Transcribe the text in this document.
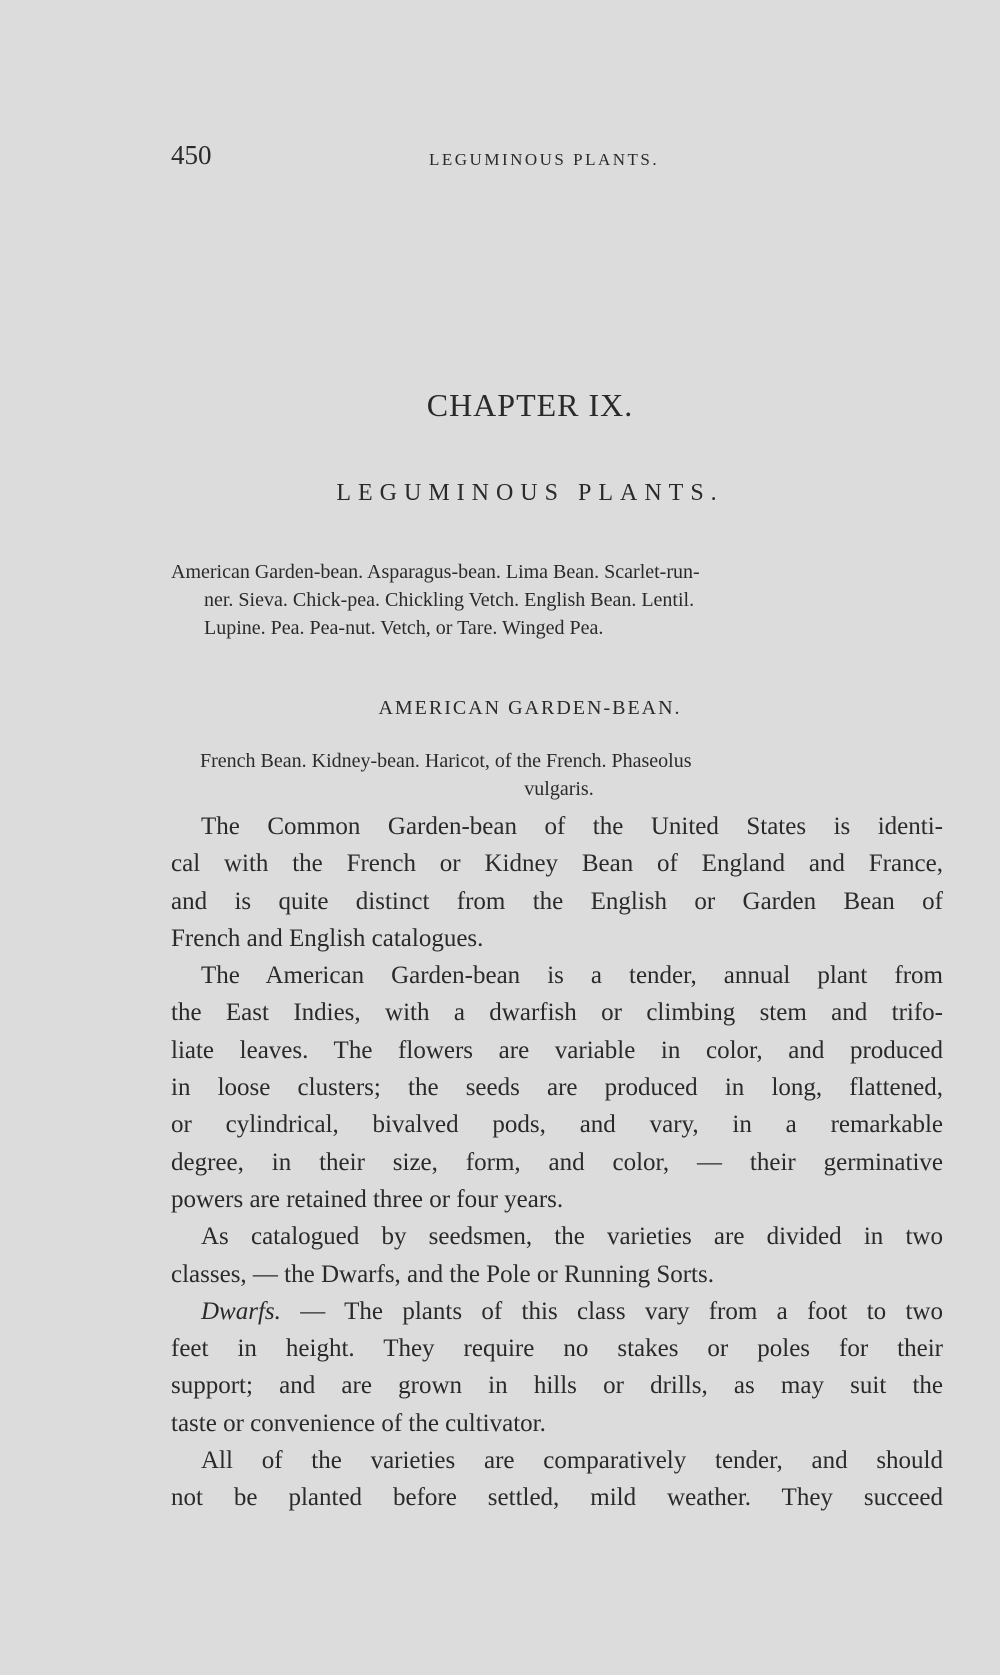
450	LEGUMINOUS PLANTS.
CHAPTER IX.
LEGUMINOUS PLANTS.
American Garden-bean. Asparagus-bean. Lima Bean. Scarlet-run-
ner. Sieva. Chick-pea. Chickling Vetch. English Bean. Lentil.
Lupine. Pea. Pea-nut. Vetch, or Tare. Winged Pea.
AMERICAN GARDEN-BEAN.
French Bean. Kidney-bean. Haricot, of the French. Phaseolus
vulgaris.
The Common Garden-bean of the United States is identi-
cal with the French or Kidney Bean of England and France,
and is quite distinct from the English or Garden Bean of
French and English catalogues.
The American Garden-bean is a tender, annual plant from
the East Indies, with a dwarfish or climbing stem and trifo-
liate leaves. The flowers are variable in color, and produced
in loose clusters; the seeds are produced in long, flattened,
or cylindrical, bivalved pods, and vary, in a remarkable
degree, in their size, form, and color, — their germinative
powers are retained three or four years.
As catalogued by seedsmen, the varieties are divided in two
classes, — the Dwarfs, and the Pole or Running Sorts.
Dwarfs. — The plants of this class vary from a foot to two
feet in height. They require no stakes or poles for their
support; and are grown in hills or drills, as may suit the
taste or convenience of the cultivator.
All of the varieties are comparatively tender, and should
not be planted before settled, mild weather. They succeed
